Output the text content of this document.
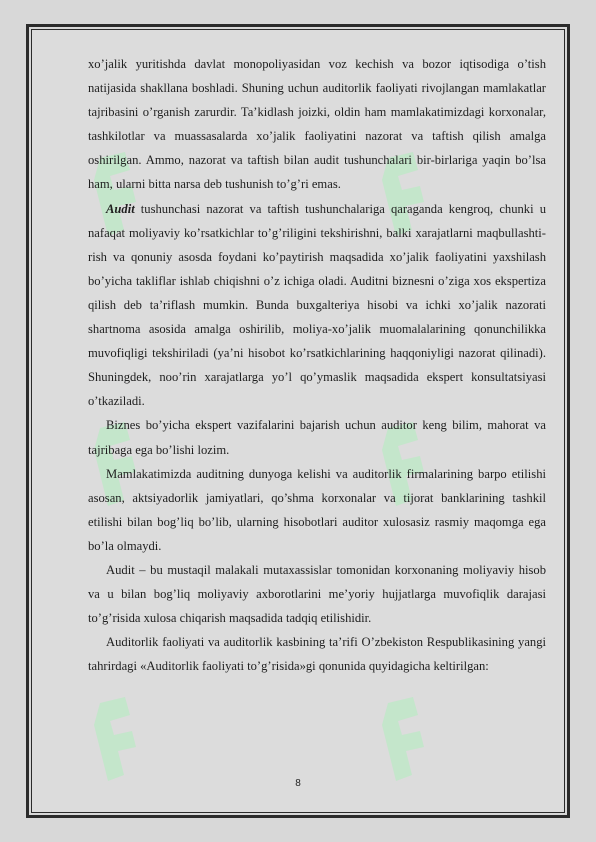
xo’jalik yuritishda davlat monopoliyasidan voz kechish va bozor iqtisodiga o’tish natijasida shakllana boshladi. Shuning uchun auditorlik faoliyati rivojlangan mamlakatlar tajribasini o’rganish zarurdir. Ta’kidlash joizki, oldin ham mamlakatimizdagi korxonalar, tashkilotlar va muassasalarda xo’jalik faoliyatini nazorat va taftish qilish amalga oshirilgan. Ammo, nazorat va taftish bilan audit tushunchalari bir-birlariga yaqin bo’lsa ham, ularni bitta narsa deb tushunish to’g’ri emas.

Audit tushunchasi nazorat va taftish tushunchalariga qaraganda kengroq, chunki u nafaqat moliyaviy ko’rsatkichlar to’g’riligini tekshirishni, balki xarajatlarni maqbullashti-rish va qonuniy asosda foydani ko’paytirish maqsadida xo’jalik faoliyatini yaxshilash bo’yicha takliflar ishlab chiqishni o’z ichiga oladi. Auditni biznesni o’ziga xos ekspertiza qilish deb ta’riflash mumkin. Bunda buxgalteriya hisobi va ichki xo’jalik nazorati shartnoma asosida amalga oshirilib, moliya-xo’jalik muomalalarining qonunchilikka muvofiqligi tekshiriladi (ya’ni hisobot ko’rsatkichlarining haqqoniyligi nazorat qilinadi). Shuningdek, noo’rin xarajatlarga yo’l qo’ymaslik maqsadida ekspert konsultatsiyasi o’tkaziladi.

Biznes bo’yicha ekspert vazifalarini bajarish uchun auditor keng bilim, mahorat va tajribaga ega bo’lishi lozim.

Mamlakatimizda auditning dunyoga kelishi va auditorlik firmalarining barpo etilishi asosan, aktsiyadorlik jamiyatlari, qo’shma korxonalar va tijorat banklarining tashkil etilishi bilan bog’liq bo’lib, ularning hisobotlari auditor xulosasiz rasmiy maqomga ega bo’la olmaydi.

Audit – bu mustaqil malakali mutaxassislar tomonidan korxonaning moliyaviy hisob va u bilan bog’liq moliyaviy axborotlarini me’yoriy hujjatlarga muvofiqlik darajasi to’g’risida xulosa chiqarish maqsadida tadqiq etilishidir.

Auditorlik faoliyati va auditorlik kasbining ta’rifi O’zbekiston Respublikasining yangi tahrirdagi «Auditorlik faoliyati to’g’risida»gi qonunida quyidagicha keltirilgan:

8
